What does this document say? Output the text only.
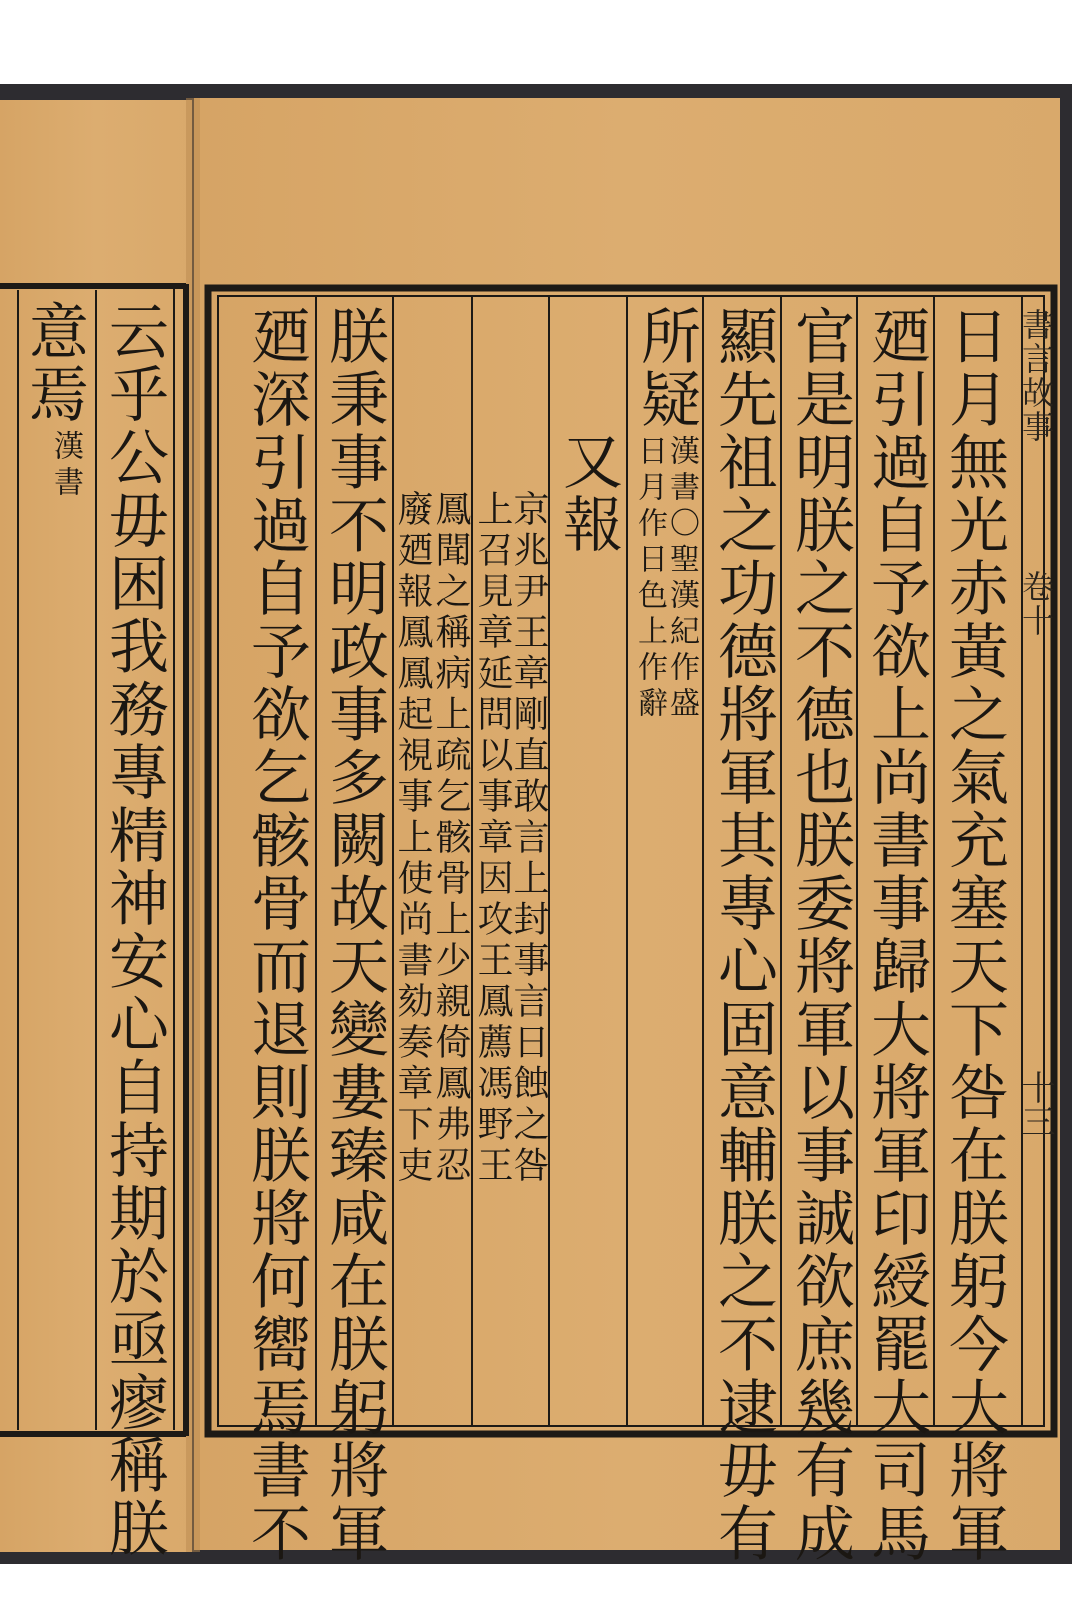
書言故事
卷十
十三
日月無光赤黃之氣充塞天下咎在朕躬今大將軍
廼引過自予欲上尚書事歸大將軍印綬罷大司馬
官是明朕之不德也朕委將軍以事誠欲庶幾有成
顯先祖之功德將軍其專心固意輔朕之不逮毋有
所疑
漢書〇聖漢紀作盛
日月作日色上作辭
又報
京兆尹王章剛直敢言上封事言日蝕之咎
上召見章延問以事章因攻王鳳薦馮野王
鳳聞之稱病上疏乞骸骨上少親倚鳳弗忍
廢廼報鳳鳳起視事上使尚書劾奏章下吏
朕秉事不明政事多闕故天變婁臻咸在朕躬將軍
廼深引過自予欲乞骸骨而退則朕將何嚮焉書不
云乎公毋困我務專精神安心自持期於亟瘳稱朕
意焉
漢書
